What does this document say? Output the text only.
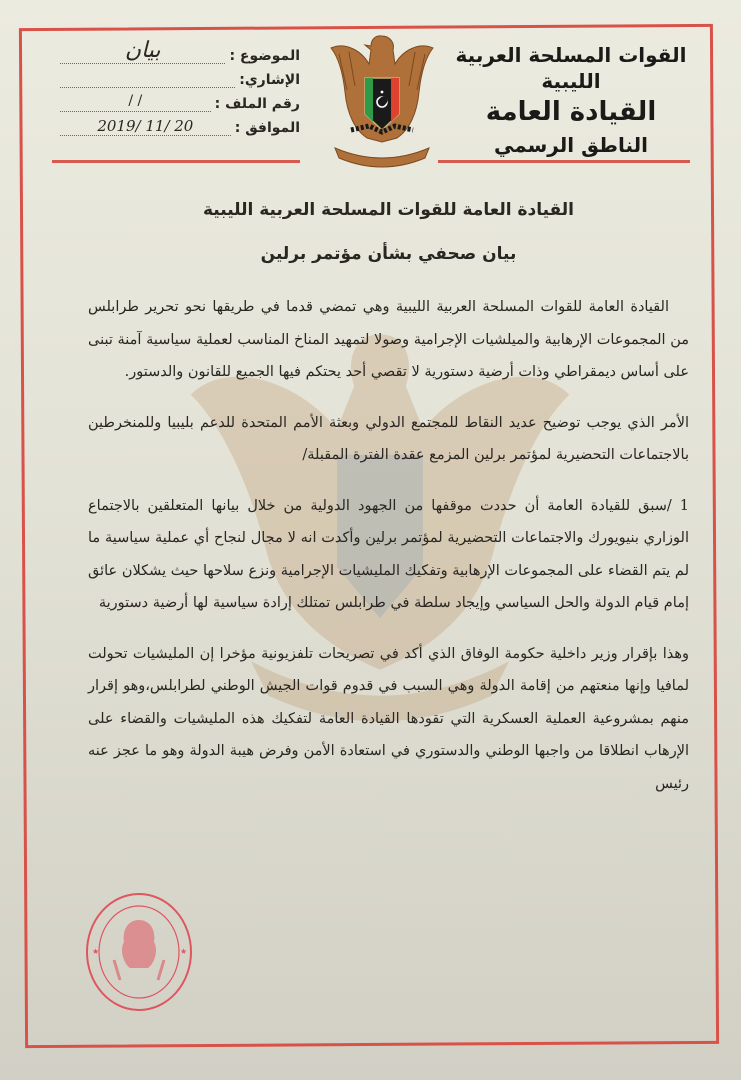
القوات المسلحة العربية الليبية
القيادة العامة
الناطق الرسمي
الموضوع :
بيان
الإشاري:
رقم الملف :
/ /
الموافق :
2019/ 11/ 20
القيادة العامة للقوات المسلحة العربية الليبية
بيان صحفي بشأن مؤتمر برلين

القيادة العامة للقوات المسلحة العربية الليبية وهي تمضي قدما في طريقها نحو تحرير طرابلس من المجموعات الإرهابية والميلشيات الإجرامية وصولا لتمهيد المناخ المناسب لعملية سياسية آمنة تبنى على أساس ديمقراطي وذات أرضية دستورية لا تقصي أحد يحتكم فيها الجميع للقانون والدستور.

الأمر الذي يوجب توضيح عديد النقاط للمجتمع الدولي وبعثة الأمم المتحدة للدعم بليبيا وللمنخرطين بالاجتماعات التحضيرية لمؤتمر برلين المزمع عقدة الفترة المقبلة/

1 /سبق للقيادة العامة أن حددت موقفها من الجهود الدولية من خلال بيانها المتعلقين بالاجتماع الوزاري بنيويورك والاجتماعات التحضيرية لمؤتمر برلين وأكدت انه لا مجال لنجاح أي عملية سياسية ما لم يتم القضاء على المجموعات الإرهابية وتفكيك المليشيات الإجرامية ونزع سلاحها حيث يشكلان عائق إمام قيام الدولة والحل السياسي وإيجاد سلطة في طرابلس تمتلك إرادة سياسية لها أرضية دستورية

وهذا بإقرار وزير داخلية حكومة الوفاق الذي أكد في تصريحات تلفزيونية مؤخرا إن المليشيات تحولت لمافيا وإنها منعتهم من إقامة الدولة وهي السبب في قدوم قوات الجيش الوطني لطرابلس،وهو إقرار منهم بمشروعية العملية العسكرية التي تقودها القيادة العامة لتفكيك هذه المليشيات والقضاء على الإرهاب انطلاقا من واجبها الوطني والدستوري في استعادة الأمن وفرض هيبة الدولة وهو ما عجز عنه رئيس

★	★
